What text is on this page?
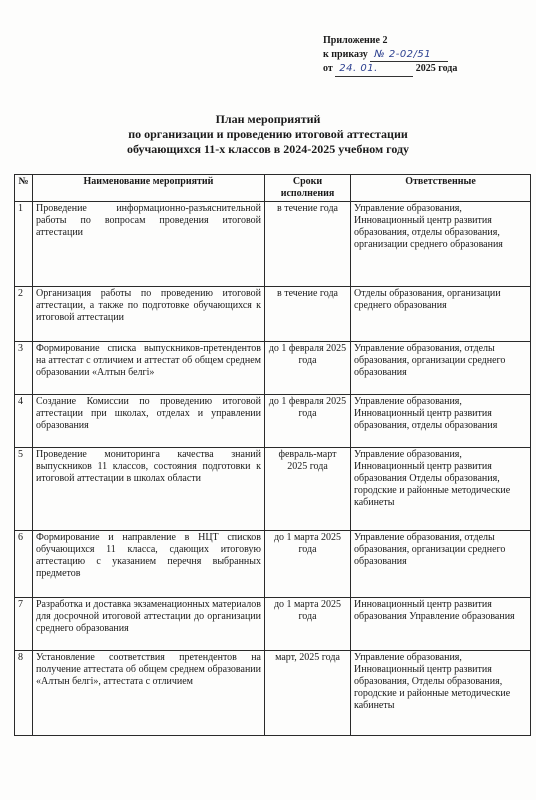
Приложение 2
к приказу № 2-02/51
от 24. 01.	2025 года
План мероприятий
по организации и проведению итоговой аттестации
обучающихся 11-х классов в 2024-2025 учебном году
№	Наименование мероприятий	Сроки исполнения	Ответственные
1	Проведение информационно-разъяснительной работы по вопросам проведения итоговой аттестации	в течение года	Управление образования, Инновационный центр развития образования, отделы образования, организации среднего образования
2	Организация работы по проведению итоговой аттестации, а также по подготовке обучающихся к итоговой аттестации	в течение года	Отделы образования, организации среднего образования
3	Формирование списка выпускников-претендентов на аттестат с отличием и аттестат об общем среднем образовании «Алтын белгі»	до 1 февраля 2025 года	Управление образования, отделы образования, организации среднего образования
4	Создание Комиссии по проведению итоговой аттестации при школах, отделах и управлении образования	до 1 февраля 2025 года	Управление образования, Инновационный центр развития образования, отделы образования
5	Проведение мониторинга качества знаний выпускников 11 классов, состояния подготовки к итоговой аттестации в школах области	февраль-март 2025 года	Управление образования, Инновационный центр развития образования Отделы образования, городские и районные методические кабинеты
6	Формирование и направление в НЦТ списков обучающихся 11 класса, сдающих итоговую аттестацию с указанием перечня выбранных предметов	до 1 марта 2025 года	Управление образования, отделы образования, организации среднего образования
7	Разработка и доставка экзаменационных материалов для досрочной итоговой аттестации до организации среднего образования	до 1 марта 2025 года	Инновационный центр развития образования Управление образования
8	Установление соответствия претендентов на получение аттестата об общем среднем образовании «Алтын белгі», аттестата с отличием	март, 2025 года	Управление образования, Инновационный центр развития образования, Отделы образования, городские и районные методические кабинеты
